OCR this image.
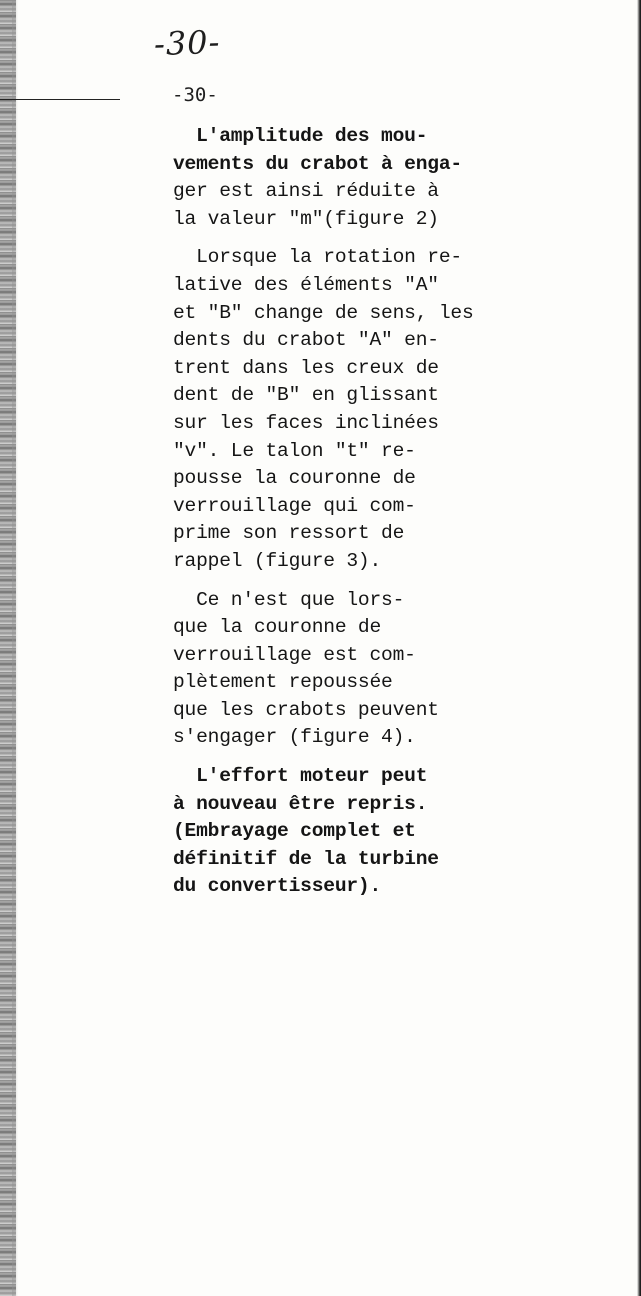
-30-

-30-

L'amplitude des mou-
vements du crabot à enga-
ger est ainsi réduite à
la valeur "m"(figure 2)
Lorsque la rotation re-
lative des éléments "A"
et "B" change de sens, les
dents du crabot "A" en-
trent dans les creux de
dent de "B" en glissant
sur les faces inclinées
"v". Le talon "t" re-
pousse la couronne de
verrouillage qui com-
prime son ressort de
rappel (figure 3).
Ce n'est que lors-
que la couronne de
verrouillage est com-
plètement repoussée
que les crabots peuvent
s'engager (figure 4).
L'effort moteur peut
à nouveau être repris.
(Embrayage complet et
définitif de la turbine
du convertisseur).
